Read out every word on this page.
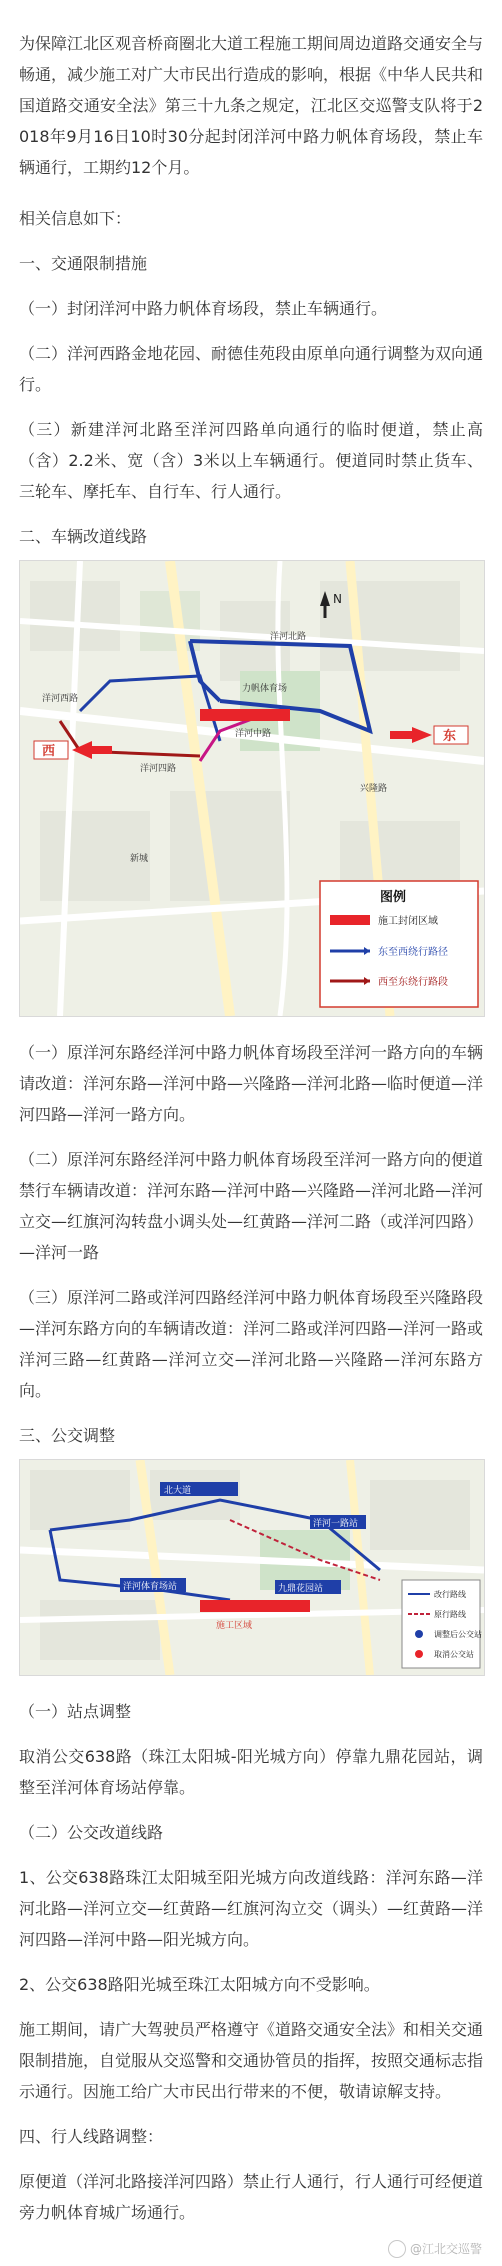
为保障江北区观音桥商圈北大道工程施工期间周边道路交通安全与畅通，减少施工对广大市民出行造成的影响，根据《中华人民共和国道路交通安全法》第三十九条之规定，江北区交巡警支队将于2018年9月16日10时30分起封闭洋河中路力帆体育场段，禁止车辆通行，工期约12个月。

相关信息如下：

一、交通限制措施

（一）封闭洋河中路力帆体育场段，禁止车辆通行。

（二）洋河西路金地花园、耐德佳苑段由原单向通行调整为双向通行。

（三）新建洋河北路至洋河四路单向通行的临时便道，禁止高（含）2.2米、宽（含）3米以上车辆通行。便道同时禁止货车、三轮车、摩托车、自行车、行人通行。

二、车辆改道线路

N
西
东
洋河西路
洋河中路
兴隆路
洋河北路
力帆体育场
新城
洋河四路
图例
施工封闭区域
东至西绕行路径
西至东绕行路段

（一）原洋河东路经洋河中路力帆体育场段至洋河一路方向的车辆请改道：洋河东路—洋河中路—兴隆路—洋河北路—临时便道—洋河四路—洋河一路方向。

（二）原洋河东路经洋河中路力帆体育场段至洋河一路方向的便道禁行车辆请改道：洋河东路—洋河中路—兴隆路—洋河北路—洋河立交—红旗河沟转盘小调头处—红黄路—洋河二路（或洋河四路）—洋河一路

（三）原洋河二路或洋河四路经洋河中路力帆体育场段至兴隆路段—洋河东路方向的车辆请改道：洋河二路或洋河四路—洋河一路或洋河三路—红黄路—洋河立交—洋河北路—兴隆路—洋河东路方向。

三、公交调整

北大道
九鼎花园站
洋河体育场站
洋河一路站
施工区域
改行路线
原行路线
调整后公交站
取消公交站

（一）站点调整

取消公交638路（珠江太阳城-阳光城方向）停靠九鼎花园站，调整至洋河体育场站停靠。

（二）公交改道线路

1、公交638路珠江太阳城至阳光城方向改道线路：洋河东路—洋河北路—洋河立交—红黄路—红旗河沟立交（调头）—红黄路—洋河四路—洋河中路—阳光城方向。

2、公交638路阳光城至珠江太阳城方向不受影响。

施工期间，请广大驾驶员严格遵守《道路交通安全法》和相关交通限制措施，自觉服从交巡警和交通协管员的指挥，按照交通标志指示通行。因施工给广大市民出行带来的不便，敬请谅解支持。

四、行人线路调整：

原便道（洋河北路接洋河四路）禁止行人通行，行人通行可经便道旁力帆体育城广场通行。

@江北交巡警
